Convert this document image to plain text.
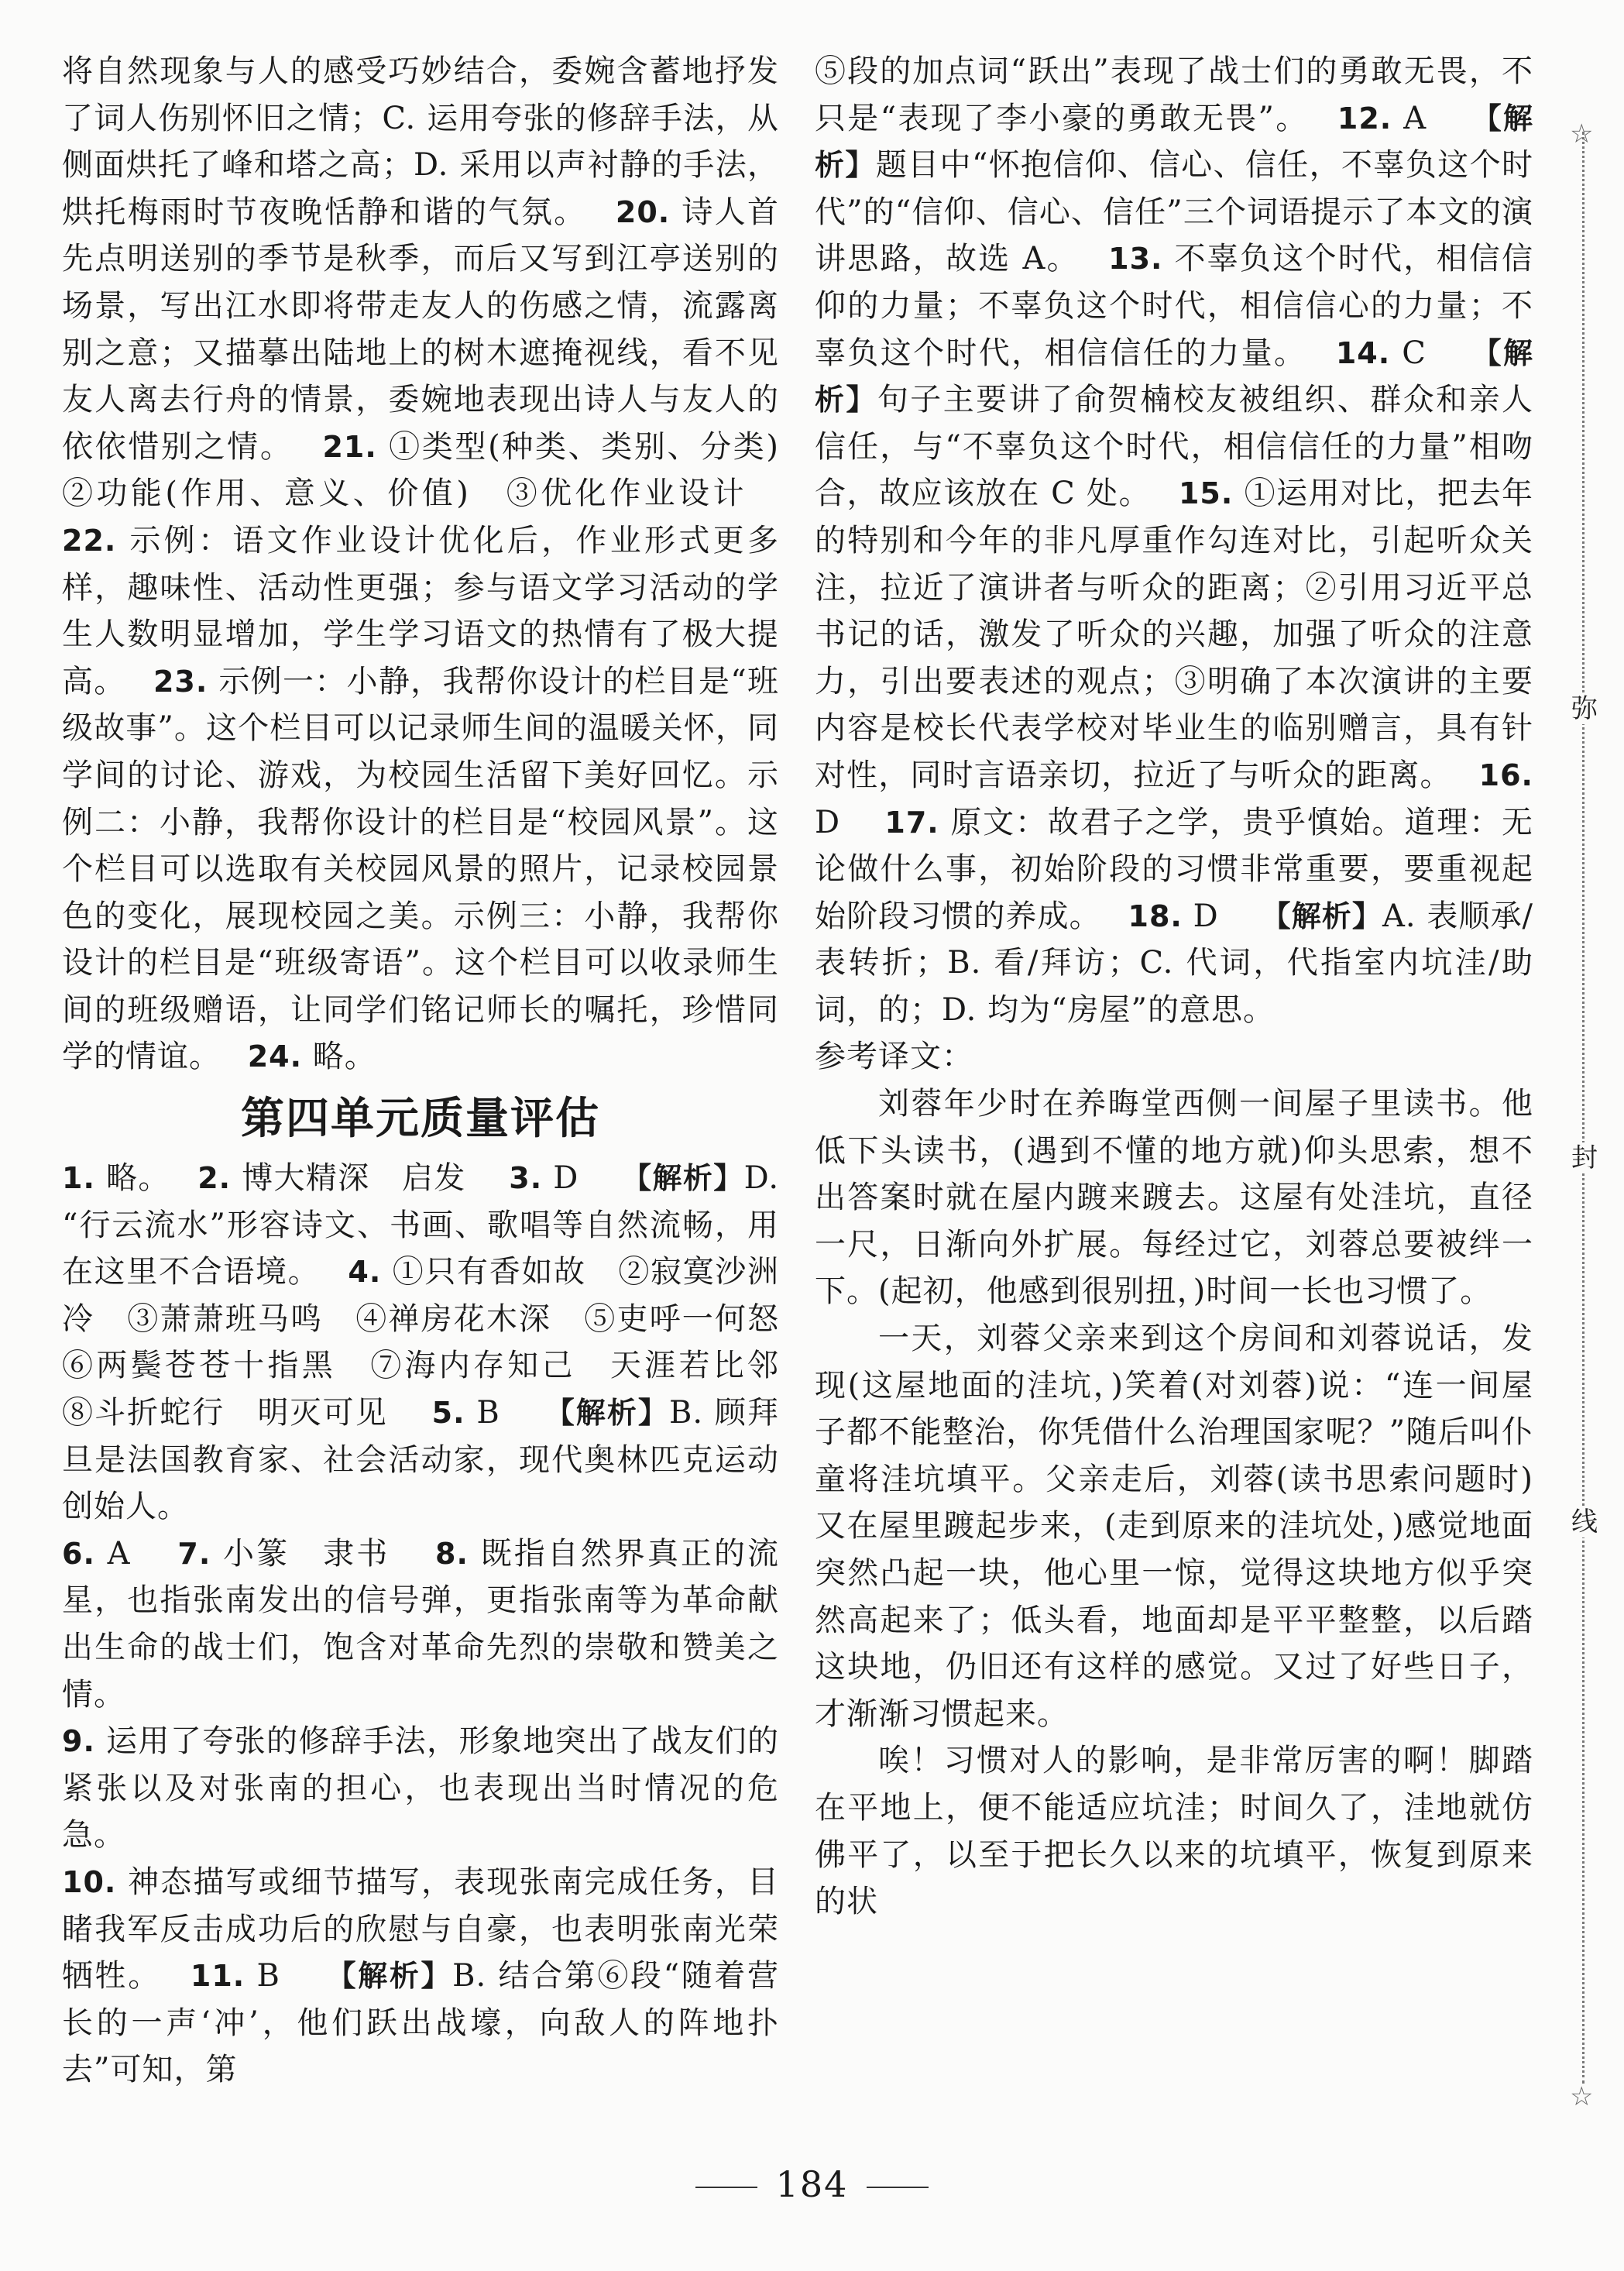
将自然现象与人的感受巧妙结合，委婉含蓄地抒发了词人伤别怀旧之情；C. 运用夸张的修辞手法，从侧面烘托了峰和塔之高；D. 采用以声衬静的手法，烘托梅雨时节夜晚恬静和谐的气氛。　 20. 诗人首先点明送别的季节是秋季，而后又写到江亭送别的场景，写出江水即将带走友人的伤感之情，流露离别之意；又描摹出陆地上的树木遮掩视线，看不见友人离去行舟的情景，委婉地表现出诗人与友人的依依惜别之情。　 21. ①类型(种类、类别、分类)　②功能(作用、意义、价值)　③优化作业设计　 22. 示例：语文作业设计优化后，作业形式更多样，趣味性、活动性更强；参与语文学习活动的学生人数明显增加，学生学习语文的热情有了极大提高。　 23. 示例一：小静，我帮你设计的栏目是“班级故事”。这个栏目可以记录师生间的温暖关怀，同学间的讨论、游戏，为校园生活留下美好回忆。示例二：小静，我帮你设计的栏目是“校园风景”。这个栏目可以选取有关校园风景的照片，记录校园景色的变化，展现校园之美。示例三：小静，我帮你设计的栏目是“班级寄语”。这个栏目可以收录师生间的班级赠语，让同学们铭记师长的嘱托，珍惜同学的情谊。　 24. 略。

第四单元质量评估

1. 略。　 2. 博大精深　启发　 3. D　 【解析】D. “行云流水”形容诗文、书画、歌唱等自然流畅，用在这里不合语境。　 4. ①只有香如故　②寂寞沙洲冷　③萧萧班马鸣　④禅房花木深　⑤吏呼一何怒　⑥两鬓苍苍十指黑　⑦海内存知己　天涯若比邻　⑧斗折蛇行　明灭可见　 5. B　 【解析】B. 顾拜旦是法国教育家、社会活动家，现代奥林匹克运动创始人。

6. A　 7. 小篆　隶书　 8. 既指自然界真正的流星，也指张南发出的信号弹，更指张南等为革命献出生命的战士们，饱含对革命先烈的崇敬和赞美之情。

9. 运用了夸张的修辞手法，形象地突出了战友们的紧张以及对张南的担心，也表现出当时情况的危急。

10. 神态描写或细节描写，表现张南完成任务，目睹我军反击成功后的欣慰与自豪，也表明张南光荣牺牲。　 11. B　 【解析】B. 结合第⑥段“随着营长的一声‘冲’，他们跃出战壕，向敌人的阵地扑去”可知，第

⑤段的加点词“跃出”表现了战士们的勇敢无畏，不只是“表现了李小豪的勇敢无畏”。　 12. A　 【解析】题目中“怀抱信仰、信心、信任，不辜负这个时代”的“信仰、信心、信任”三个词语提示了本文的演讲思路，故选 A。　 13. 不辜负这个时代，相信信仰的力量；不辜负这个时代，相信信心的力量；不辜负这个时代，相信信任的力量。　 14. C　 【解析】句子主要讲了俞贺楠校友被组织、群众和亲人信任，与“不辜负这个时代，相信信任的力量”相吻合，故应该放在 C 处。　 15. ①运用对比，把去年的特别和今年的非凡厚重作勾连对比，引起听众关注，拉近了演讲者与听众的距离；②引用习近平总书记的话，激发了听众的兴趣，加强了听众的注意力，引出要表述的观点；③明确了本次演讲的主要内容是校长代表学校对毕业生的临别赠言，具有针对性，同时言语亲切，拉近了与听众的距离。　 16. D　 17. 原文：故君子之学，贵乎慎始。道理：无论做什么事，初始阶段的习惯非常重要，要重视起始阶段习惯的养成。　 18. D　 【解析】A. 表顺承/表转折；B. 看/拜访；C. 代词，代指室内坑洼/助词，的；D. 均为“房屋”的意思。

参考译文：

刘蓉年少时在养晦堂西侧一间屋子里读书。他低下头读书，(遇到不懂的地方就)仰头思索，想不出答案时就在屋内踱来踱去。这屋有处洼坑，直径一尺，日渐向外扩展。每经过它，刘蓉总要被绊一下。(起初，他感到很别扭，)时间一长也习惯了。

一天，刘蓉父亲来到这个房间和刘蓉说话，发现(这屋地面的洼坑，)笑着(对刘蓉)说：“连一间屋子都不能整治，你凭借什么治理国家呢？”随后叫仆童将洼坑填平。父亲走后，刘蓉(读书思索问题时)又在屋里踱起步来，(走到原来的洼坑处，)感觉地面突然凸起一块，他心里一惊，觉得这块地方似乎突然高起来了；低头看，地面却是平平整整，以后踏这块地，仍旧还有这样的感觉。又过了好些日子，才渐渐习惯起来。

唉！习惯对人的影响，是非常厉害的啊！脚踏在平地上，便不能适应坑洼；时间久了，洼地就仿佛平了，以至于把长久以来的坑填平，恢复到原来的状

☆
☆
弥
封
线
184
